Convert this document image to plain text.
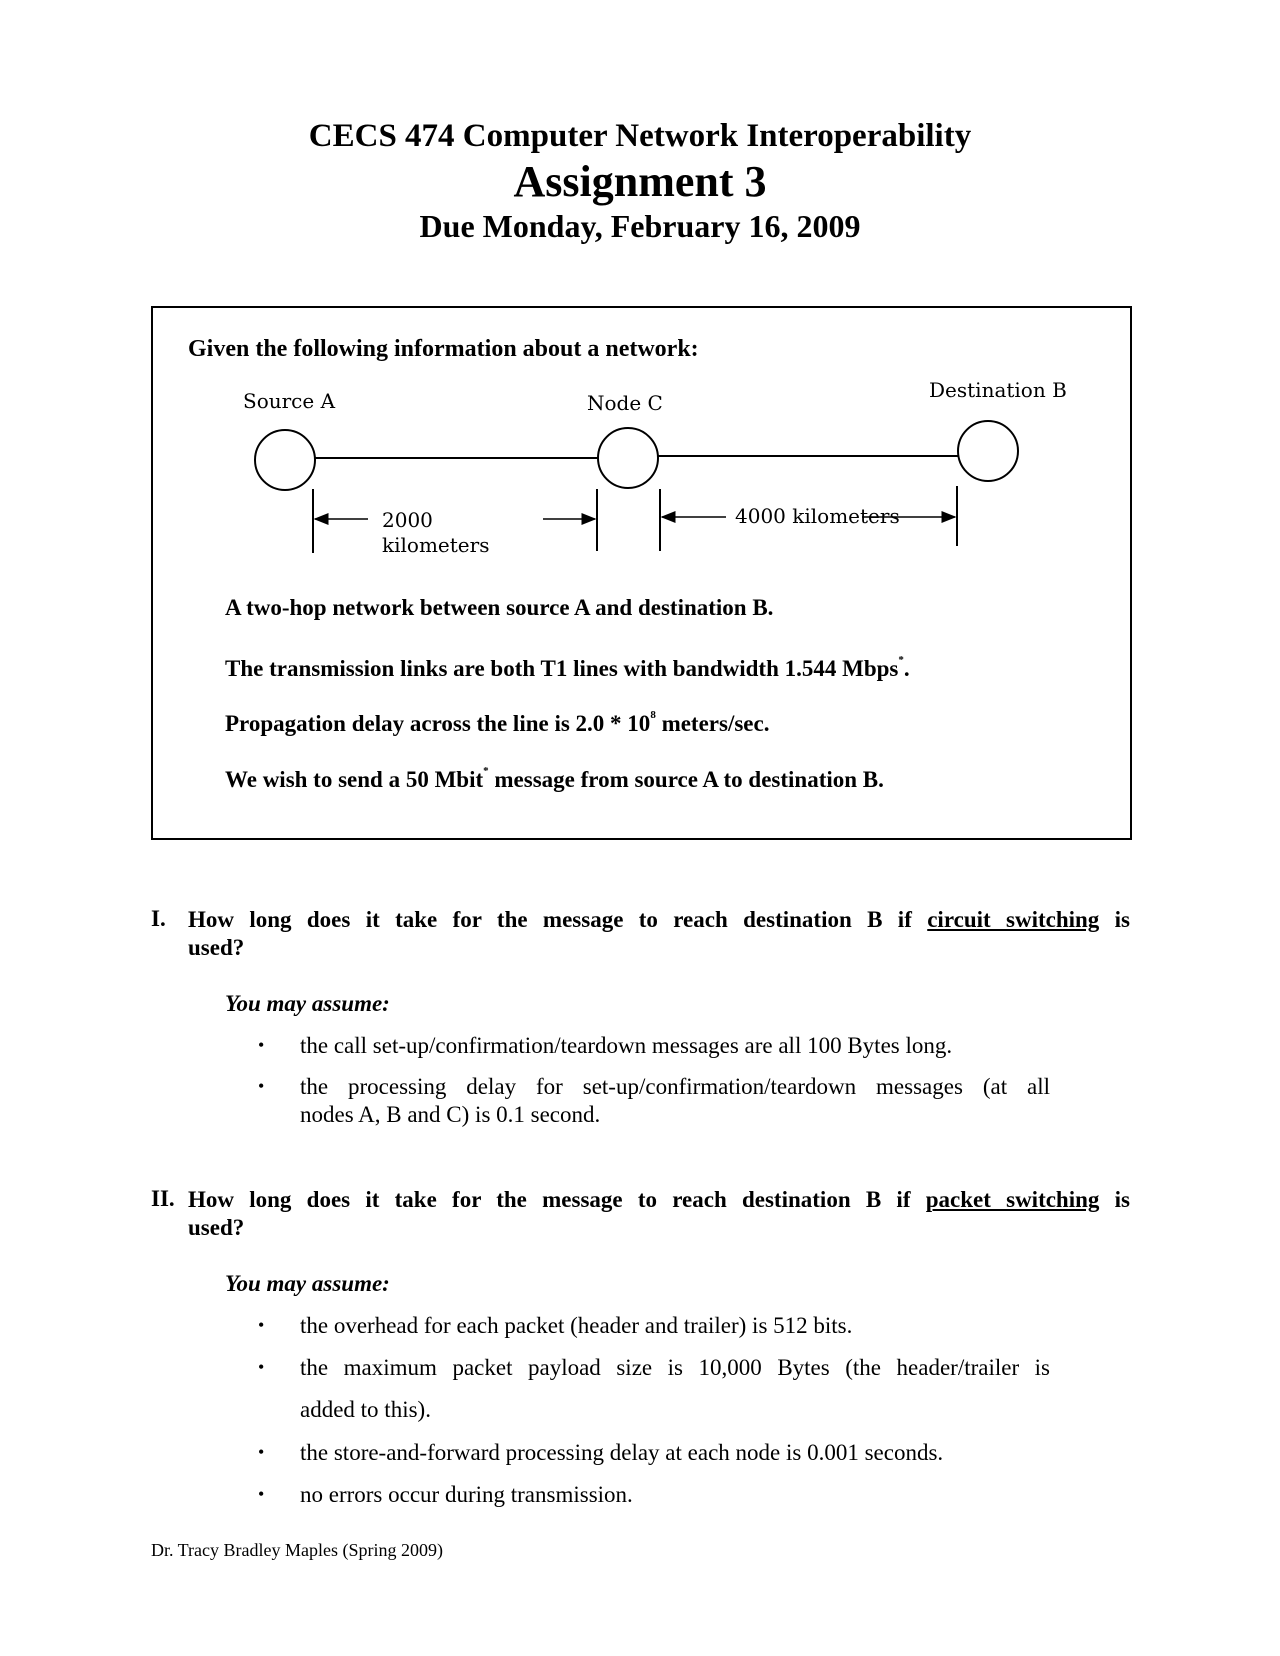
CECS 474 Computer Network Interoperability
Assignment 3
Due Monday, February 16, 2009
Given the following information about a network:
Source A	Node C
Destination B
2000
kilometers
4000 kilometers
A two-hop network between source A and destination B.
The transmission links are both T1 lines with bandwidth 1.544 Mbps*.
Propagation delay across the line is $2.0 * 10^8$ meters/sec.
We wish to send a 50 Mbit* message from source A to destination B.
I. How long does it take for the message to reach destination B if circuit switching is
used?
You may assume:
• the call set-up/confirmation/teardown messages are all 100 Bytes long.
• the processing delay for set-up/confirmation/teardown messages (at all
nodes A, B and C) is 0.1 second.
II. How long does it take for the message to reach destination B if packet switching is
used?
You may assume:
• the overhead for each packet (header and trailer) is 512 bits.
• the maximum packet payload size is 10,000 Bytes (the header/trailer is
added to this).
• the store-and-forward processing delay at each node is 0.001 seconds.
• no errors occur during transmission.
Dr. Tracy Bradley Maples (Spring 2009)
